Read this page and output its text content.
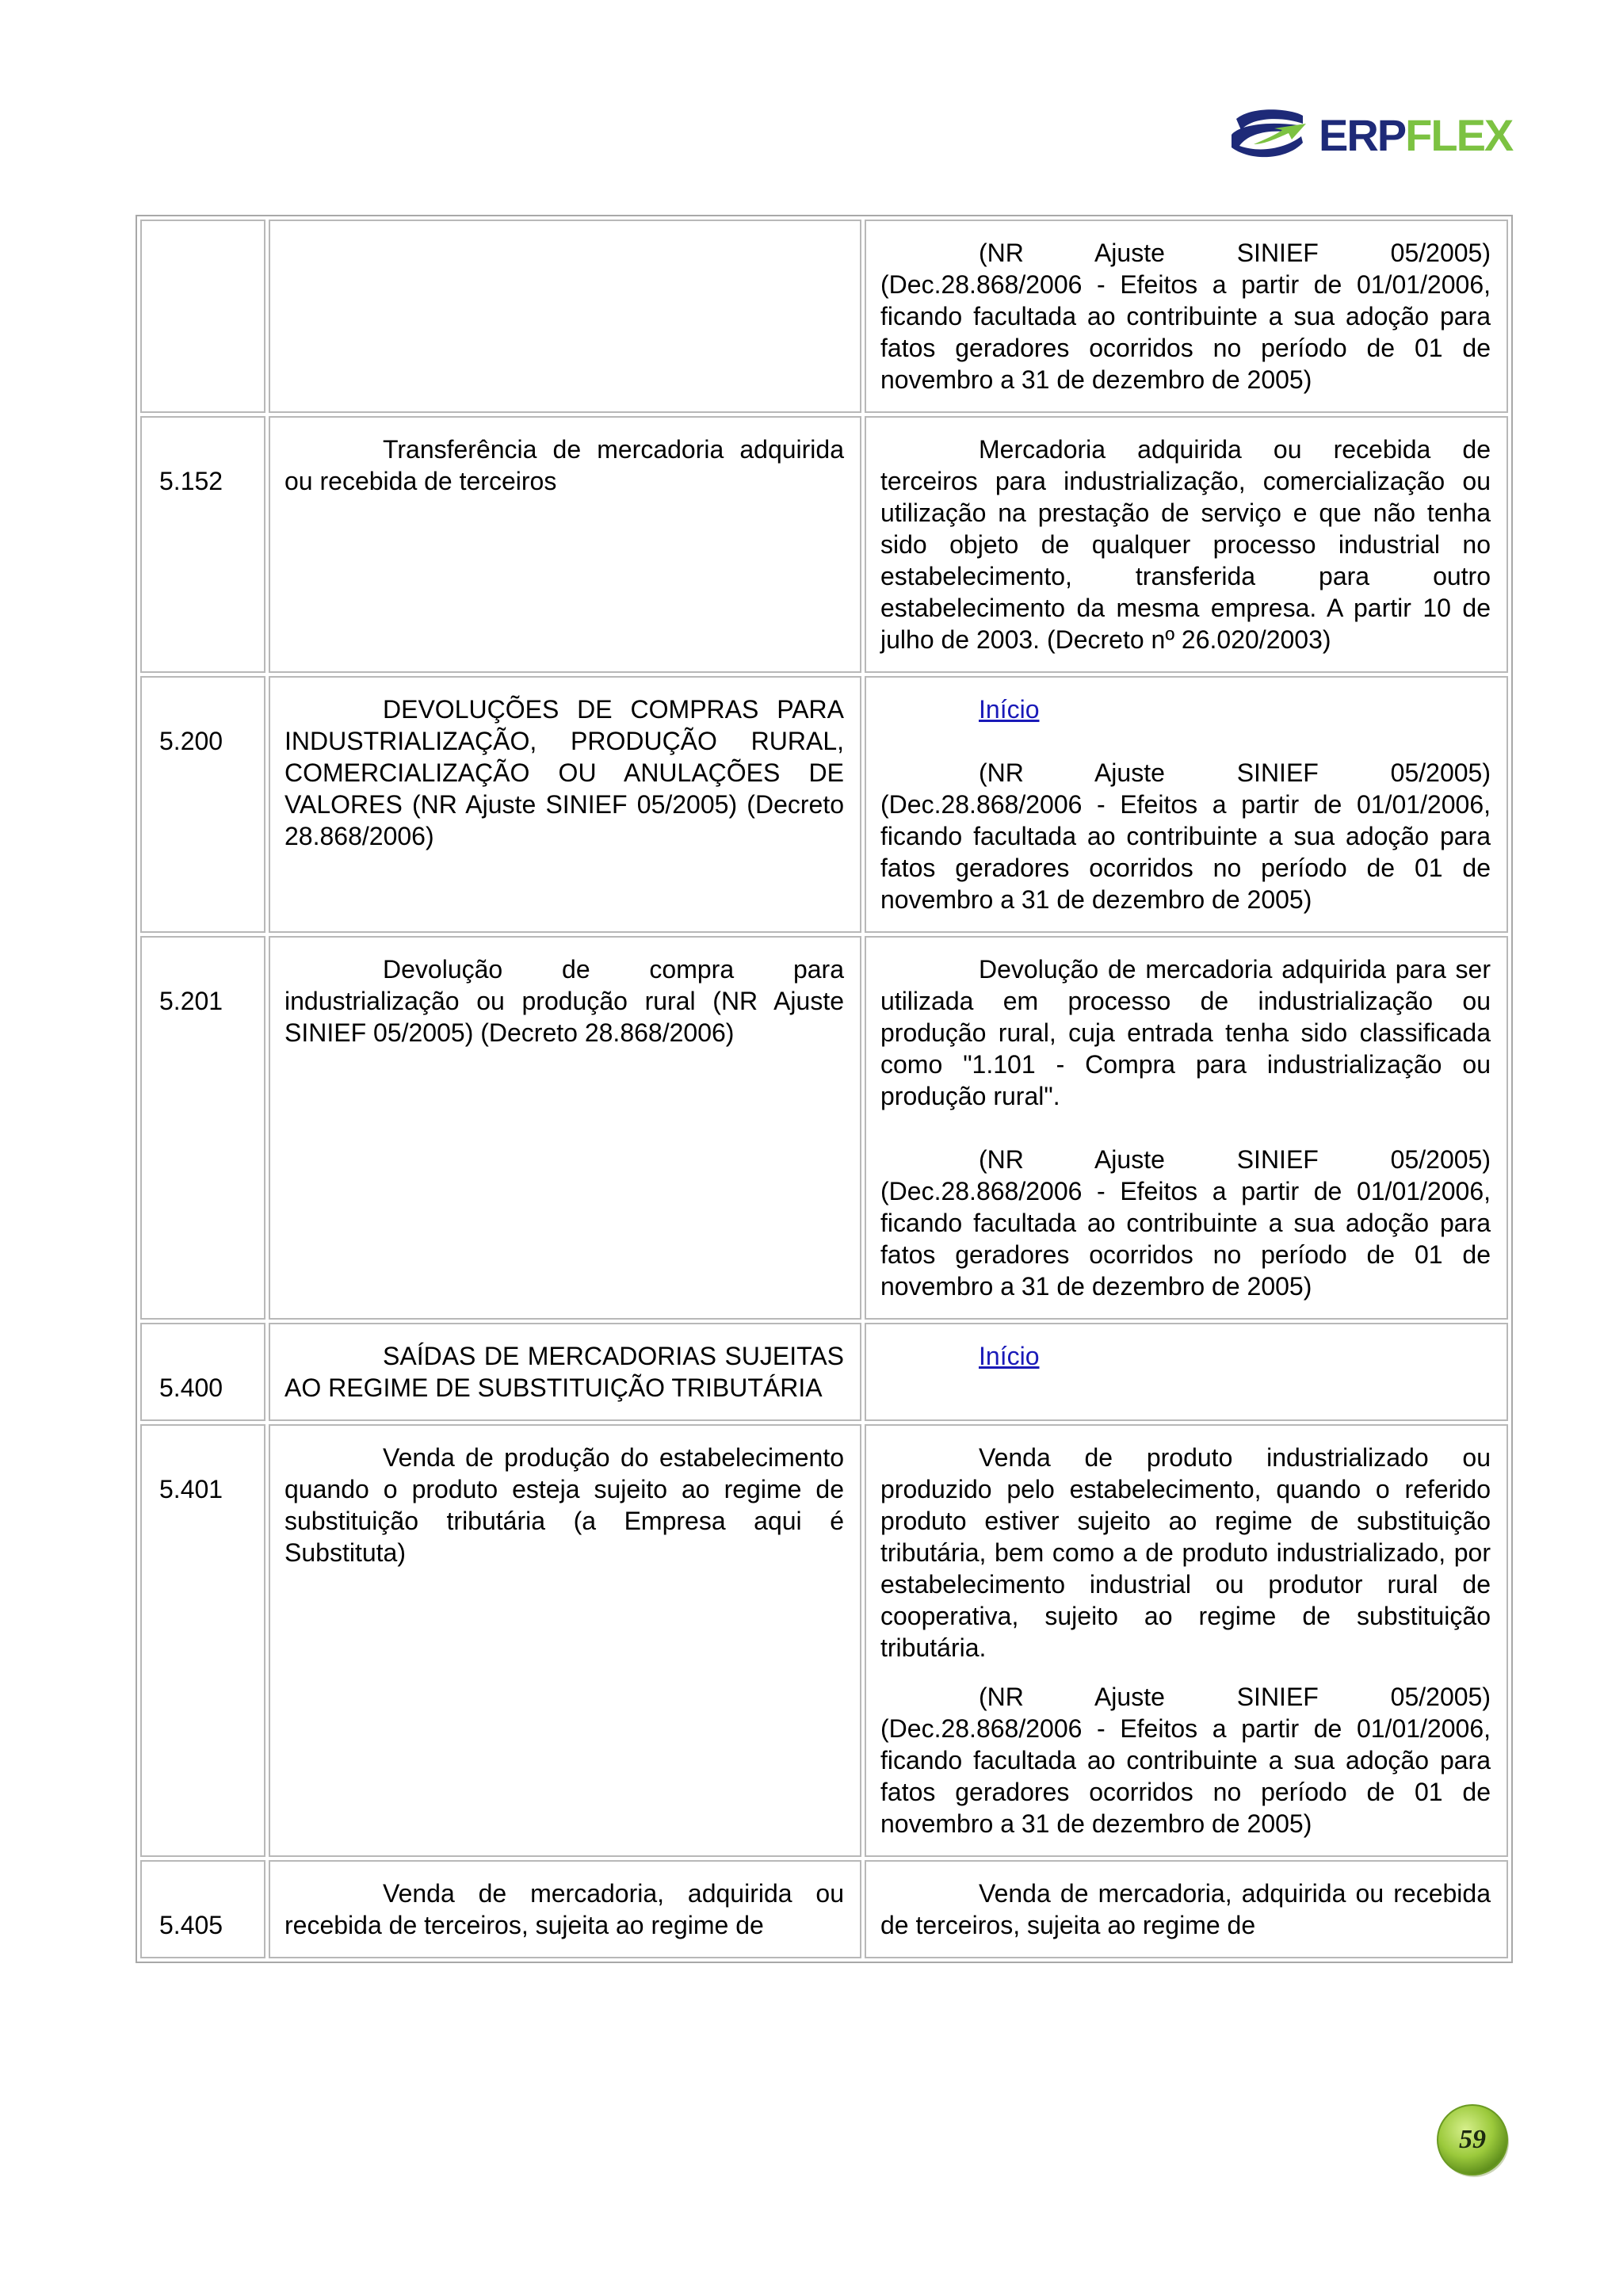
ERPFLEX

		(NR Ajuste SINIEF 05/2005) (Dec.28.868/2006 - Efeitos a partir de 01/01/2006, ficando facultada ao contribuinte a sua adoção para fatos geradores ocorridos no período de 01 de novembro a 31 de dezembro de 2005)

5.152	Transferência de mercadoria adquirida ou recebida de terceiros	Mercadoria adquirida ou recebida de terceiros para industrialização, comercialização ou utilização na prestação de serviço e que não tenha sido objeto de qualquer processo industrial no estabelecimento, transferida para outro estabelecimento da mesma empresa. A partir 10 de julho de 2003. (Decreto nº 26.020/2003)

5.200	DEVOLUÇÕES DE COMPRAS PARA INDUSTRIALIZAÇÃO, PRODUÇÃO RURAL, COMERCIALIZAÇÃO OU ANULAÇÕES DE VALORES (NR Ajuste SINIEF 05/2005) (Decreto 28.868/2006)	Início

(NR Ajuste SINIEF 05/2005) (Dec.28.868/2006 - Efeitos a partir de 01/01/2006, ficando facultada ao contribuinte a sua adoção para fatos geradores ocorridos no período de 01 de novembro a 31 de dezembro de 2005)

5.201	Devolução de compra para industrialização ou produção rural (NR Ajuste SINIEF 05/2005) (Decreto 28.868/2006)	Devolução de mercadoria adquirida para ser utilizada em processo de industrialização ou produção rural, cuja entrada tenha sido classificada como "1.101 - Compra para industrialização ou produção rural".

(NR Ajuste SINIEF 05/2005) (Dec.28.868/2006 - Efeitos a partir de 01/01/2006, ficando facultada ao contribuinte a sua adoção para fatos geradores ocorridos no período de 01 de novembro a 31 de dezembro de 2005)

5.400	SAÍDAS DE MERCADORIAS SUJEITAS AO REGIME DE SUBSTITUIÇÃO TRIBUTÁRIA	Início

5.401	Venda de produção do estabelecimento quando o produto esteja sujeito ao regime de substituição tributária (a Empresa aqui é Substituta)	Venda de produto industrializado ou produzido pelo estabelecimento, quando o referido produto estiver sujeito ao regime de substituição tributária, bem como a de produto industrializado, por estabelecimento industrial ou produtor rural de cooperativa, sujeito ao regime de substituição tributária.

(NR Ajuste SINIEF 05/2005) (Dec.28.868/2006 - Efeitos a partir de 01/01/2006, ficando facultada ao contribuinte a sua adoção para fatos geradores ocorridos no período de 01 de novembro a 31 de dezembro de 2005)

5.405	Venda de mercadoria, adquirida ou recebida de terceiros, sujeita ao regime de	Venda de mercadoria, adquirida ou recebida de terceiros, sujeita ao regime de

59
